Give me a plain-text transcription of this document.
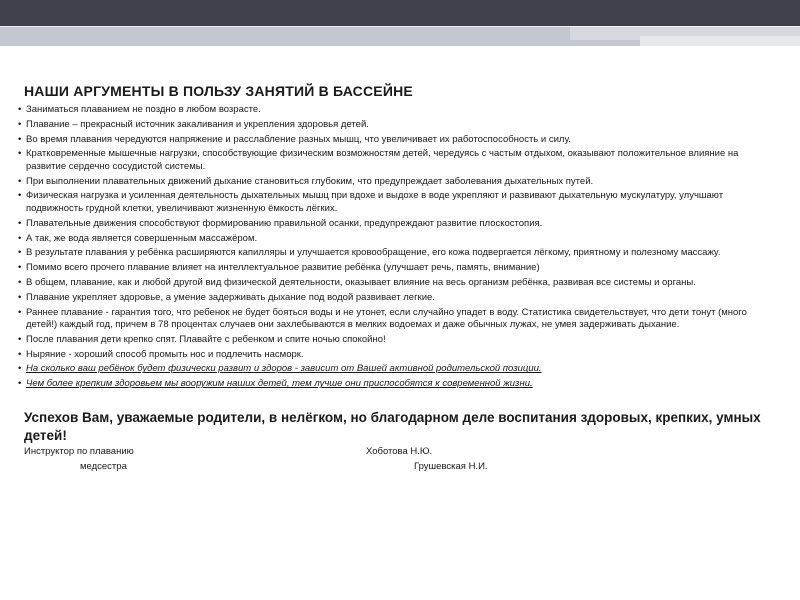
НАШИ АРГУМЕНТЫ В ПОЛЬЗУ ЗАНЯТИЙ В БАССЕЙНЕ
• Заниматься плаванием не поздно в любом возрасте.
• Плавание – прекрасный источник закаливания и укрепления здоровья детей.
• Во время плавания чередуются напряжение и расслабление разных мышц, что увеличивает их работоспособность и силу.
• Кратковременные мышечные нагрузки, способствующие физическим возможностям детей, чередуясь с частым отдыхом, оказывают положительное влияние на развитие сердечно сосудистой системы.
• При выполнении плавательных движений дыхание становиться глубоким, что предупреждает заболевания дыхательных путей.
• Физическая нагрузка и усиленная деятельность дыхательных мышц при вдохе и выдохе в воде укрепляют и развивают дыхательную мускулатуру, улучшают подвижность грудной клетки, увеличивают жизненную ёмкость лёгких.
• Плавательные движения способствуют формированию правильной осанки, предупреждают развитие плоскостопия.
• А так, же вода является совершенным массажёром.
• В результате плавания у ребёнка расширяются капилляры и улучшается кровообращение, его кожа подвергается лёгкому, приятному и полезному массажу.
• Помимо всего прочего плавание влияет на интеллектуальное развитие ребёнка (улучшает речь, память, внимание)
• В общем, плавание, как и любой другой вид физической деятельности, оказывает влияние на весь организм ребёнка, развивая все системы и органы.
• Плавание укрепляет здоровье, а умение задерживать дыхание под водой развивает легкие.
• Раннее плавание - гарантия того, что ребенок не будет бояться воды и не утонет, если случайно упадет в воду. Статистика свидетельствует, что дети тонут (много детей!) каждый год, причем в 78 процентах случаев они захлебываются в мелких водоемах и даже обычных лужах, не умея задерживать дыхание.
• После плавания дети крепко спят. Плавайте с ребенком и спите ночью спокойно!
• Ныряние - хороший способ промыть нос и подлечить насморк.
• На сколько ваш ребёнок будет физически развит и здоров - зависит от Вашей активной родительской позиции.
• Чем более крепким здоровьем мы вооружим наших детей, тем лучше они приспособятся к современной жизни.
Успехов Вам, уважаемые родители, в нелёгком, но благодарном деле воспитания здоровых, крепких, умных детей!
Инструктор по плаванию	Хоботова Н.Ю.
медсестра	Грушевская Н.И.
